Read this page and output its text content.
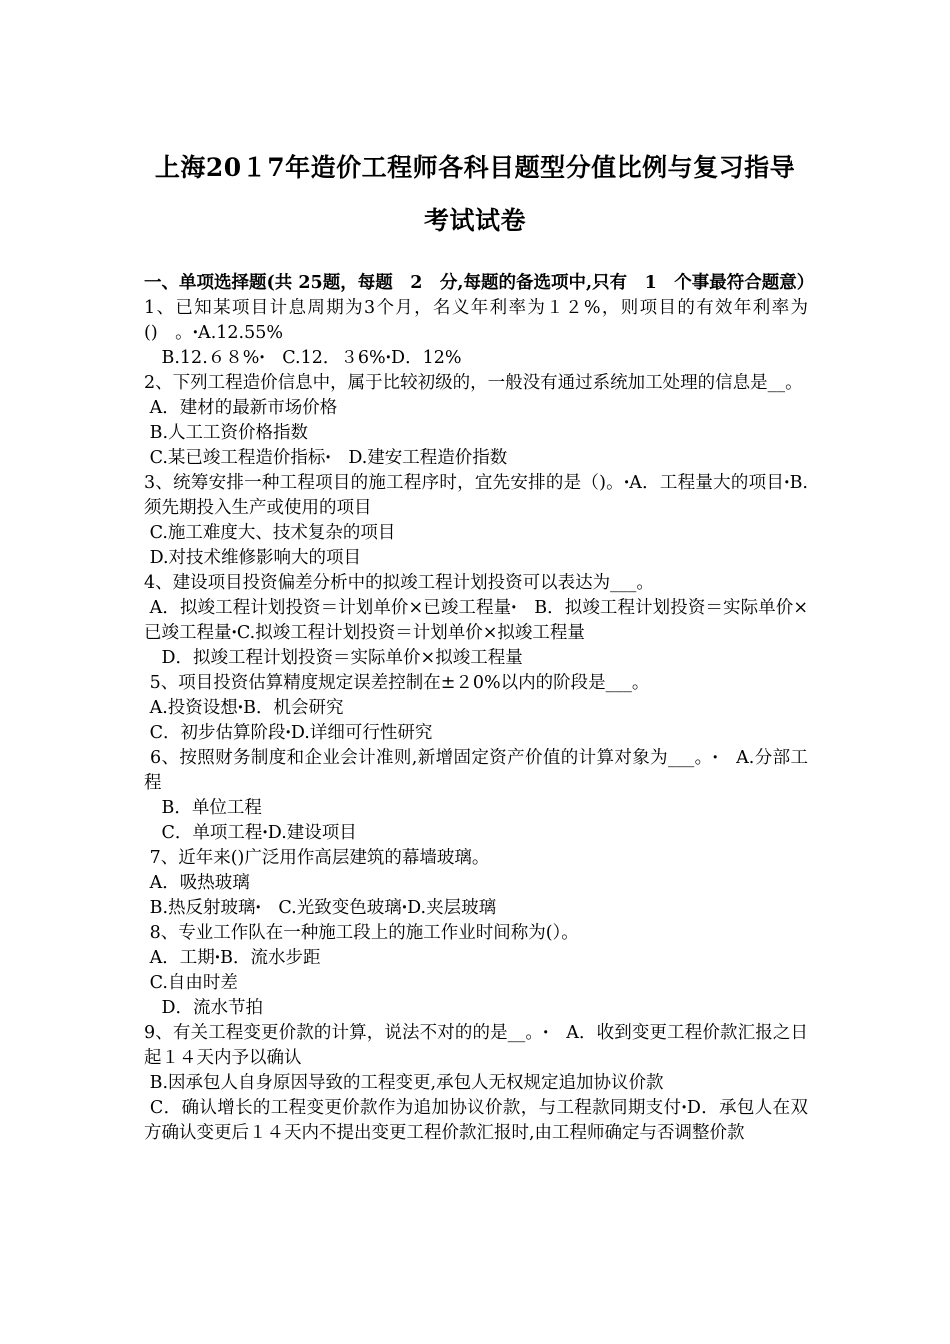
上海20１7年造价工程师各科目题型分值比例与复习指导
考试试卷

一、单项选择题(共 25题，每题　2　分,每题的备选项中,只有　1　个事最符合题意）

1、已知某项目计息周期为3个月，名义年利率为１２%，则项目的有效年利率为()　。ꞏA.12.55%

　B.12.６８%ꞏ　C.12．３6%ꞏD．12%

2、下列工程造价信息中，属于比较初级的，一般没有通过系统加工处理的信息是__。

A．建材的最新市场价格

B.人工工资价格指数

C.某已竣工程造价指标ꞏ　D.建安工程造价指数

3、统筹安排一种工程项目的施工程序时，宜先安排的是（)。ꞏA．工程量大的项目ꞏB.须先期投入生产或使用的项目

C.施工难度大、技术复杂的项目

D.对技术维修影响大的项目

4、建设项目投资偏差分析中的拟竣工程计划投资可以表达为___。

A．拟竣工程计划投资＝计划单价×已竣工程量ꞏ　B．拟竣工程计划投资＝实际单价×已竣工程量ꞏC.拟竣工程计划投资＝计划单价×拟竣工程量

　D．拟竣工程计划投资＝实际单价×拟竣工程量

5、项目投资估算精度规定误差控制在±２0%以内的阶段是___。

A.投资设想ꞏB．机会研究

C．初步估算阶段ꞏD.详细可行性研究

6、按照财务制度和企业会计准则,新增固定资产价值的计算对象为___。ꞏ　A.分部工程

　B．单位工程

　C．单项工程ꞏD.建设项目

7、近年来()广泛用作高层建筑的幕墙玻璃。

A．吸热玻璃

B.热反射玻璃ꞏ　C.光致变色玻璃ꞏD.夹层玻璃

8、专业工作队在一种施工段上的施工作业时间称为(）。

A．工期ꞏB．流水步距

C.自由时差

　D．流水节拍

9、有关工程变更价款的计算，说法不对的的是__。ꞏ　A．收到变更工程价款汇报之日起１４天内予以确认

B.因承包人自身原因导致的工程变更,承包人无权规定追加协议价款

C．确认增长的工程变更价款作为追加协议价款，与工程款同期支付ꞏD．承包人在双方确认变更后１４天内不提出变更工程价款汇报时,由工程师确定与否调整价款
